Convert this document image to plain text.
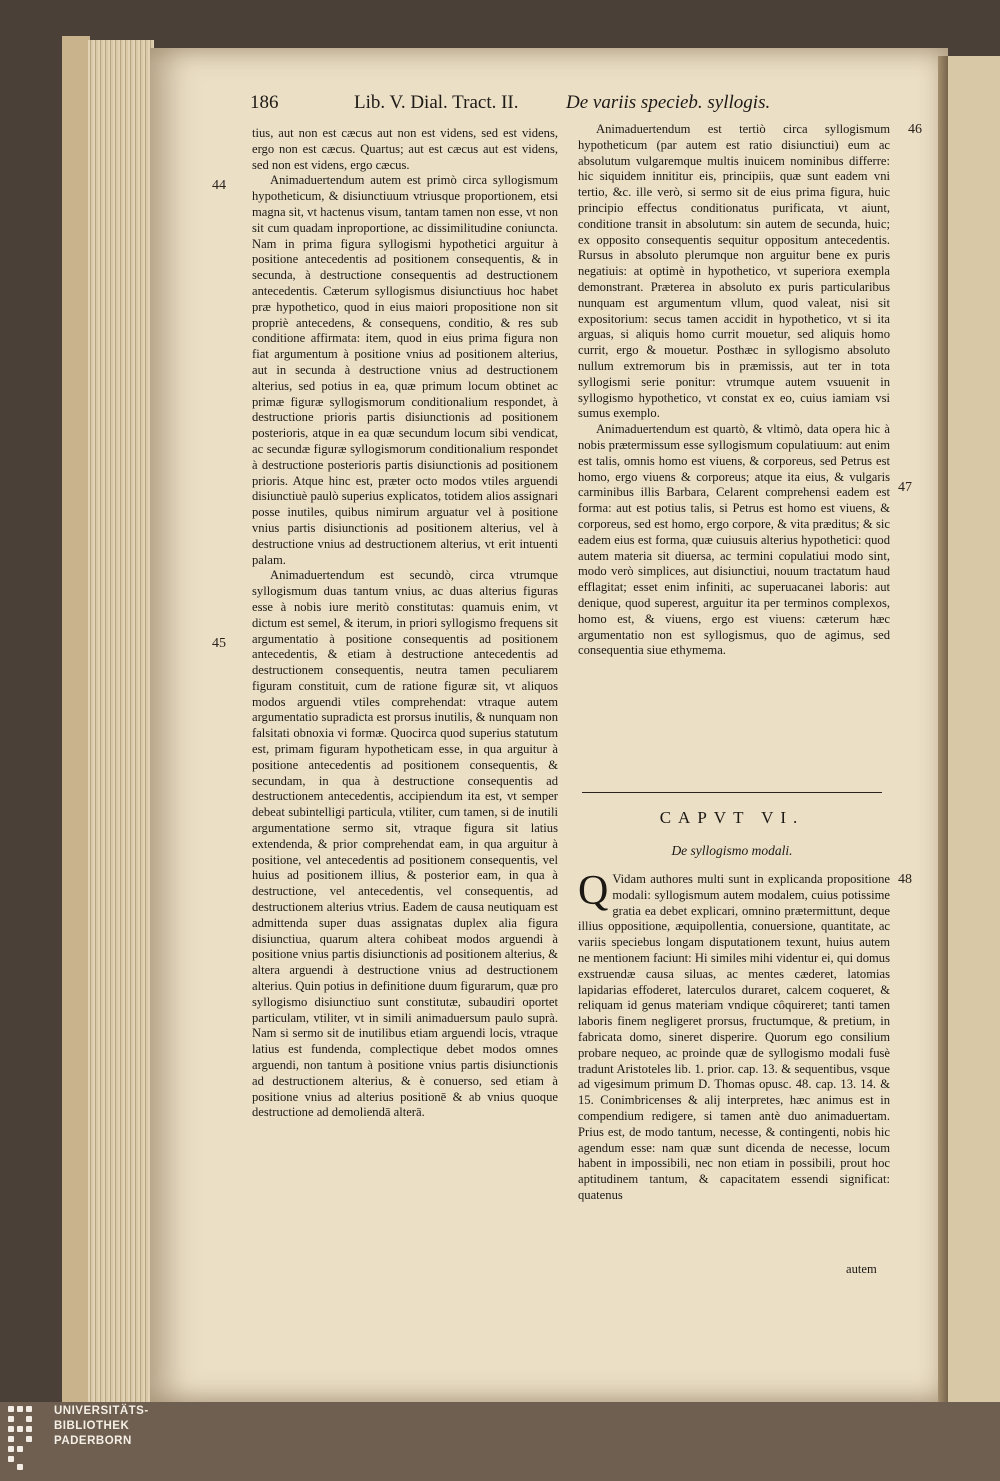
186	Lib. V. Dial. Tract. II.	De variis specieb. syllogis.
44
45
46
47
48

tius, aut non est cæcus aut non est videns, sed est videns, ergo non est cæcus. Quartus; aut est cæcus aut est videns, sed non est videns, ergo cæcus.

Animaduertendum autem est primò circa syllogismum hypotheticum, & disiunctiuum vtriusque proportionem, etsi magna sit, vt hactenus visum, tantam tamen non esse, vt non sit cum quadam inproportione, ac dissimilitudine coniuncta. Nam in prima figura syllogismi hypothetici arguitur à positione antecedentis ad positionem consequentis, & in secunda, à destructione consequentis ad destructionem antecedentis. Cæterum syllogismus disiunctiuus hoc habet præ hypothetico, quod in eius maiori propositione non sit propriè antecedens, & consequens, conditio, & res sub conditione affirmata: item, quod in eius prima figura non fiat argumentum à positione vnius ad positionem alterius, aut in secunda à destructione vnius ad destructionem alterius, sed potius in ea, quæ primum locum obtinet ac primæ figuræ syllogismorum conditionalium respondet, à destructione prioris partis disiunctionis ad positionem posterioris, atque in ea quæ secundum locum sibi vendicat, ac secundæ figuræ syllogismorum conditionalium respondet à destructione posterioris partis disiunctionis ad positionem prioris. Atque hinc est, præter octo modos vtiles arguendi disiunctiuè paulò superius explicatos, totidem alios assignari posse inutiles, quibus nimirum arguatur vel à positione vnius partis disiunctionis ad positionem alterius, vel à destructione vnius ad destructionem alterius, vt erit intuenti palam.

Animaduertendum est secundò, circa vtrumque syllogismum duas tantum vnius, ac duas alterius figuras esse à nobis iure meritò constitutas: quamuis enim, vt dictum est semel, & iterum, in priori syllogismo frequens sit argumentatio à positione consequentis ad positionem antecedentis, & etiam à destructione antecedentis ad destructionem consequentis, neutra tamen peculiarem figuram constituit, cum de ratione figuræ sit, vt aliquos modos arguendi vtiles comprehendat: vtraque autem argumentatio supradicta est prorsus inutilis, & nunquam non falsitati obnoxia vi formæ. Quocirca quod superius statutum est, primam figuram hypotheticam esse, in qua arguitur à positione antecedentis ad positionem consequentis, & secundam, in qua à destructione consequentis ad destructionem antecedentis, accipiendum ita est, vt semper debeat subintelligi particula, vtiliter, cum tamen, si de inutili argumentatione sermo sit, vtraque figura sit latius extendenda, & prior comprehendat eam, in qua arguitur à positione, vel antecedentis ad positionem consequentis, vel huius ad positionem illius, & posterior eam, in qua à destructione, vel antecedentis, vel consequentis, ad destructionem alterius vtrius. Eadem de causa neutiquam est admittenda super duas assignatas duplex alia figura disiunctiua, quarum altera cohibeat modos arguendi à positione vnius partis disiunctionis ad positionem alterius, & altera arguendi à destructione vnius ad destructionem alterius. Quin potius in definitione duum figurarum, quæ pro syllogismo disiunctiuo sunt constitutæ, subaudiri oportet particulam, vtiliter, vt in simili animaduersum paulo suprà. Nam si sermo sit de inutilibus etiam arguendi locis, vtraque latius est fundenda, complectique debet modos omnes arguendi, non tantum à positione vnius partis disiunctionis ad destructionem alterius, & è conuerso, sed etiam à positione vnius ad alterius positionē & ab vnius quoque destructione ad demoliendā alterā.

Animaduertendum est tertiò circa syllogismum hypotheticum (par autem est ratio disiunctiui) eum ac absolutum vulgaremque multis inuicem nominibus differre: hic siquidem innititur eis, principiis, quæ sunt eadem vni tertio, &c. ille verò, si sermo sit de eius prima figura, huic principio effectus conditionatus purificata, vt aiunt, conditione transit in absolutum: sin autem de secunda, huic; ex opposito consequentis sequitur oppositum antecedentis. Rursus in absoluto plerumque non arguitur bene ex puris negatiuis: at optimè in hypothetico, vt superiora exempla demonstrant. Præterea in absoluto ex puris particularibus nunquam est argumentum vllum, quod valeat, nisi sit expositorium: secus tamen accidit in hypothetico, vt si ita arguas, si aliquis homo currit mouetur, sed aliquis homo currit, ergo & mouetur. Posthæc in syllogismo absoluto nullum extremorum bis in præmissis, aut ter in tota syllogismi serie ponitur: vtrumque autem vsuuenit in syllogismo hypothetico, vt constat ex eo, cuius iamiam vsi sumus exemplo.

Animaduertendum est quartò, & vltimò, data opera hic à nobis prætermissum esse syllogismum copulatiuum: aut enim est talis, omnis homo est viuens, & corporeus, sed Petrus est homo, ergo viuens & corporeus; atque ita eius, & vulgaris carminibus illis Barbara, Celarent comprehensi eadem est forma: aut est potius talis, si Petrus est homo est viuens, & corporeus, sed est homo, ergo corpore, & vita præditus; & sic eadem eius est forma, quæ cuiusuis alterius hypothetici: quod autem materia sit diuersa, ac termini copulatiui modo sint, modo verò simplices, aut disiunctiui, nouum tractatum haud efflagitat; esset enim infiniti, ac superuacanei laboris: aut denique, quod superest, arguitur ita per terminos complexos, homo est, & viuens, ergo est viuens: cæterum hæc argumentatio non est syllogismus, quo de agimus, sed consequentia siue ethymema.

CAPVT VI.
De syllogismo modali.
Q Vidam authores multi sunt in explicanda propositione modali: syllogismum autem modalem, cuius potissime gratia ea debet explicari, omnino prætermittunt, deque illius oppositione, æquipollentia, conuersione, quantitate, ac variis speciebus longam disputationem texunt, huius autem ne mentionem faciunt: Hi similes mihi videntur ei, qui domus exstruendæ causa siluas, ac mentes cæderet, latomias lapidarias effoderet, laterculos duraret, calcem coqueret, & reliquam id genus materiam vndique côquireret; tanti tamen laboris finem negligeret prorsus, fructumque, & pretium, in fabricata domo, sineret disperire. Quorum ego consilium probare nequeo, ac proinde quæ de syllogismo modali fusè tradunt Aristoteles lib. 1. prior. cap. 13. & sequentibus, vsque ad vigesimum primum D. Thomas opusc. 48. cap. 13. 14. & 15. Conimbricenses & alij interpretes, hæc animus est in compendium redigere, si tamen antè duo animaduertam. Prius est, de modo tantum, necesse, & contingenti, nobis hic agendum esse: nam quæ sunt dicenda de necesse, locum habent in impossibili, nec non etiam in possibili, prout hoc aptitudinem tantum, & capacitatem essendi significat: quatenus
autem
UNIVERSITÄTS-
BIBLIOTHEK
PADERBORN
